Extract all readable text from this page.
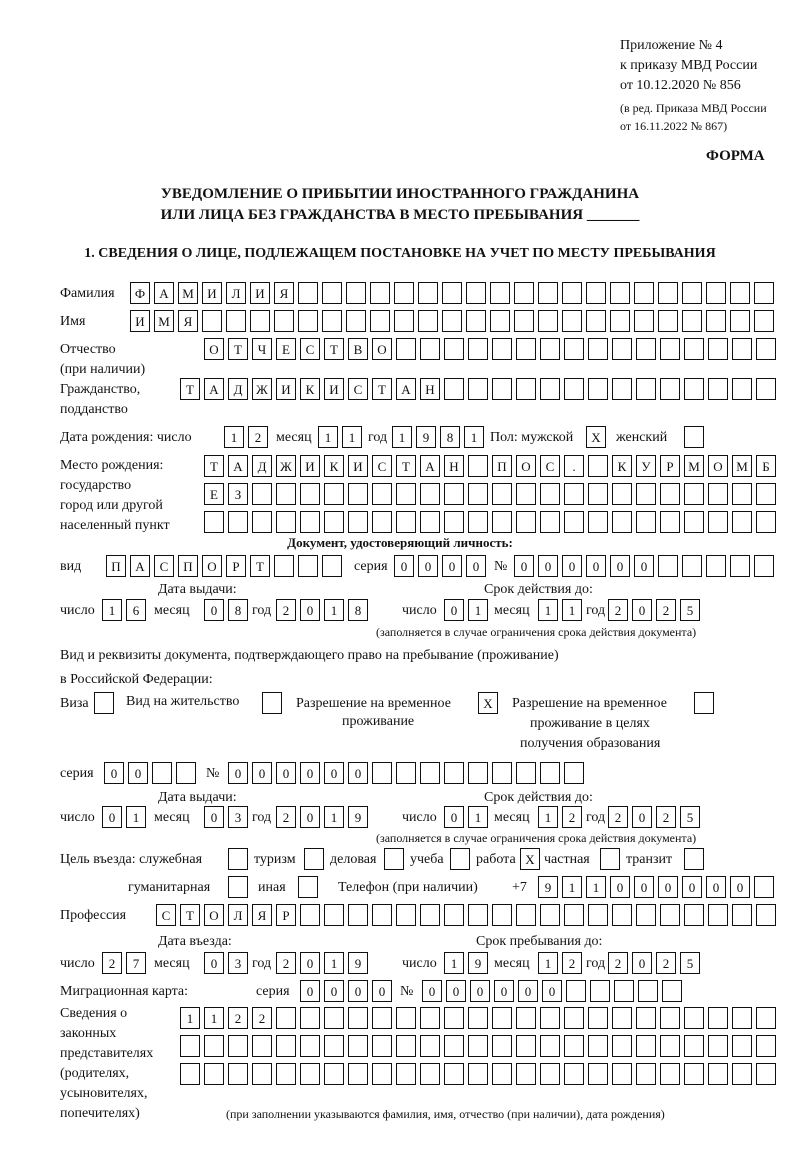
Приложение № 4
к приказу МВД России
от 10.12.2020 № 856
(в ред. Приказа МВД России
от 16.11.2022 № 867)
ФОРМА
УВЕДОМЛЕНИЕ О ПРИБЫТИИ ИНОСТРАННОГО ГРАЖДАНИНА
ИЛИ ЛИЦА БЕЗ ГРАЖДАНСТВА В МЕСТО ПРЕБЫВАНИЯ _______
1. СВЕДЕНИЯ О ЛИЦЕ, ПОДЛЕЖАЩЕМ ПОСТАНОВКЕ НА УЧЕТ ПО МЕСТУ ПРЕБЫВАНИЯ
Фамилия	Ф	А	М	И	Л	И	Я
Имя	И	М	Я
Отчество
(при наличии)
О	Т	Ч	Е	С	Т	В	О
Гражданство,
подданство
Т	А	Д	Ж	И	К	И	С	Т	А	Н
Дата рождения: число	1	2	месяц	1	1 год 1	9	8	1 Пол: мужской	X	женский
Место рождения:
государство
город или другой
населенный пункт
Т	А	Д	Ж	И	К	И	С	Т	А	Н	П	О	С	.	К	У	Р	М	О	М	Б
Е	З
Документ, удостоверяющий личность:
вид	П	А	С	П	О	Р	Т	серия	0	0	0	0	№	0	0	0	0	0	0
Дата выдачи:	Срок действия до:
число	1	6	месяц	0	8 год 2	0	1	8	число	0	1 месяц	1	1 год 2	0	2	5
(заполняется в случае ограничения срока действия документа)
Вид и реквизиты документа, подтверждающего право на пребывание (проживание)
в Российской Федерации:
Виза	Вид на жительство	Разрешение на временное
проживание
X	Разрешение на временное
проживание в целях
получения образования
серия	0	0	№	0	0	0	0	0	0
Дата выдачи:	Срок действия до:
число	0	1	месяц	0	3 год 2	0	1	9	число	0	1 месяц	1	2 год 2	0	2	5
(заполняется в случае ограничения срока действия документа)
Цель въезда: служебная	туризм деловая учеба работа X частная	транзит
гуманитарная	иная	Телефон (при наличии) +7	9	1	1	0	0	0	0	0	0
Профессия	С	Т	О	Л	Я	Р
Дата въезда:	Срок пребывания до:
число	2	7	месяц	0	3 год 2	0	1	9	число	1	9 месяц	1	2 год 2	0	2	5
Миграционная карта:	серия	0	0	0	0	№	0	0	0	0	0	0
Сведения о
законных
представителях
(родителях,
усыновителях,
попечителях)
1	1	2	2
(при заполнении указываются фамилия, имя, отчество (при наличии), дата рождения)
